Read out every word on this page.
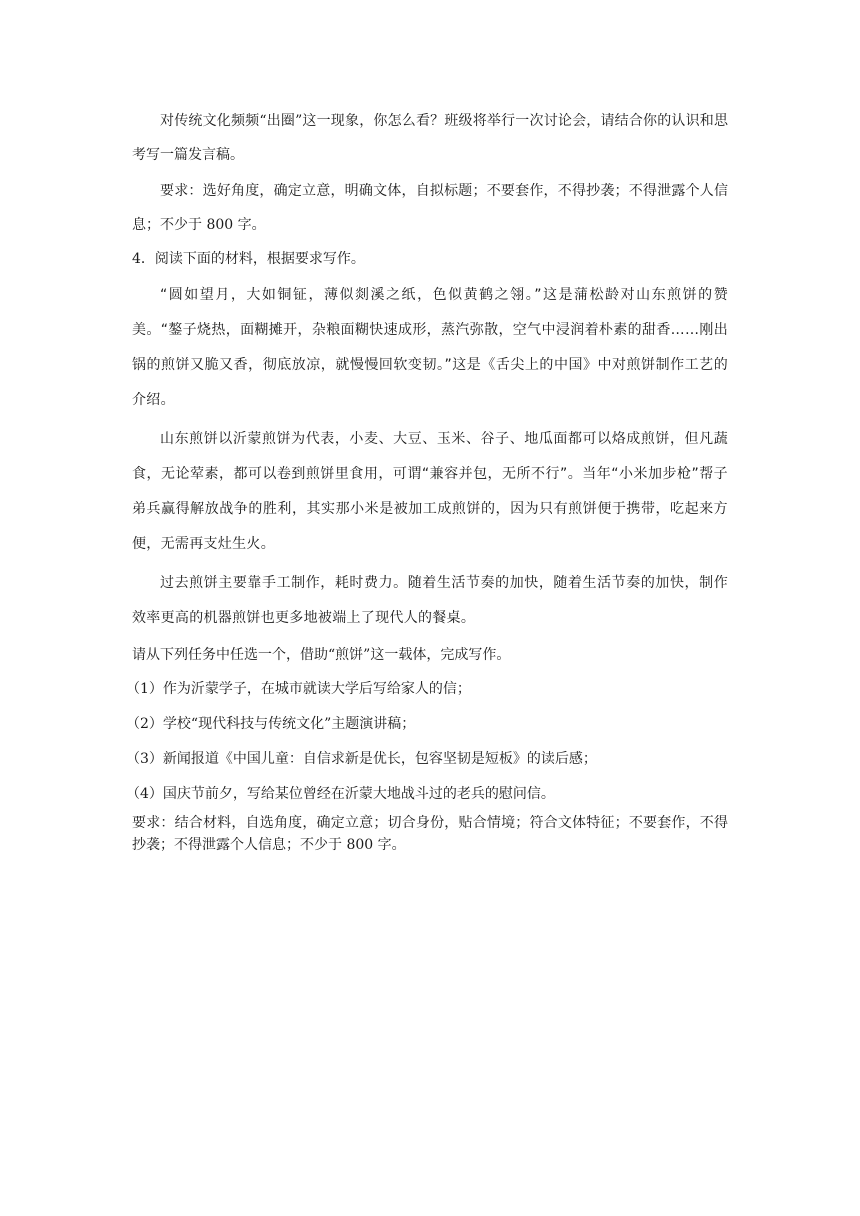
对传统文化频频“出圈”这一现象，你怎么看？班级将举行一次讨论会，请结合你的认识和思考写一篇发言稿。

要求：选好角度，确定立意，明确文体，自拟标题；不要套作，不得抄袭；不得泄露个人信息；不少于 800 字。

4．阅读下面的材料，根据要求写作。

“圆如望月，大如铜钲，薄似剡溪之纸，色似黄鹤之翎。”这是蒲松龄对山东煎饼的赞美。“鏊子烧热，面糊摊开，杂粮面糊快速成形，蒸汽弥散，空气中浸润着朴素的甜香……刚出锅的煎饼又脆又香，彻底放凉，就慢慢回软变韧。”这是《舌尖上的中国》中对煎饼制作工艺的介绍。

山东煎饼以沂蒙煎饼为代表，小麦、大豆、玉米、谷子、地瓜面都可以烙成煎饼，但凡蔬食，无论荤素，都可以卷到煎饼里食用，可谓“兼容并包，无所不行”。当年“小米加步枪”帮子弟兵赢得解放战争的胜利，其实那小米是被加工成煎饼的，因为只有煎饼便于携带，吃起来方便，无需再支灶生火。

过去煎饼主要靠手工制作，耗时费力。随着生活节奏的加快，随着生活节奏的加快，制作效率更高的机器煎饼也更多地被端上了现代人的餐桌。

请从下列任务中任选一个，借助“煎饼”这一载体，完成写作。

（1）作为沂蒙学子，在城市就读大学后写给家人的信；

（2）学校“现代科技与传统文化”主题演讲稿；

（3）新闻报道《中国儿童：自信求新是优长，包容坚韧是短板》的读后感；

（4）国庆节前夕，写给某位曾经在沂蒙大地战斗过的老兵的慰问信。

要求：结合材料，自选角度，确定立意；切合身份，贴合情境；符合文体特征；不要套作，不得抄袭；不得泄露个人信息；不少于 800 字。
